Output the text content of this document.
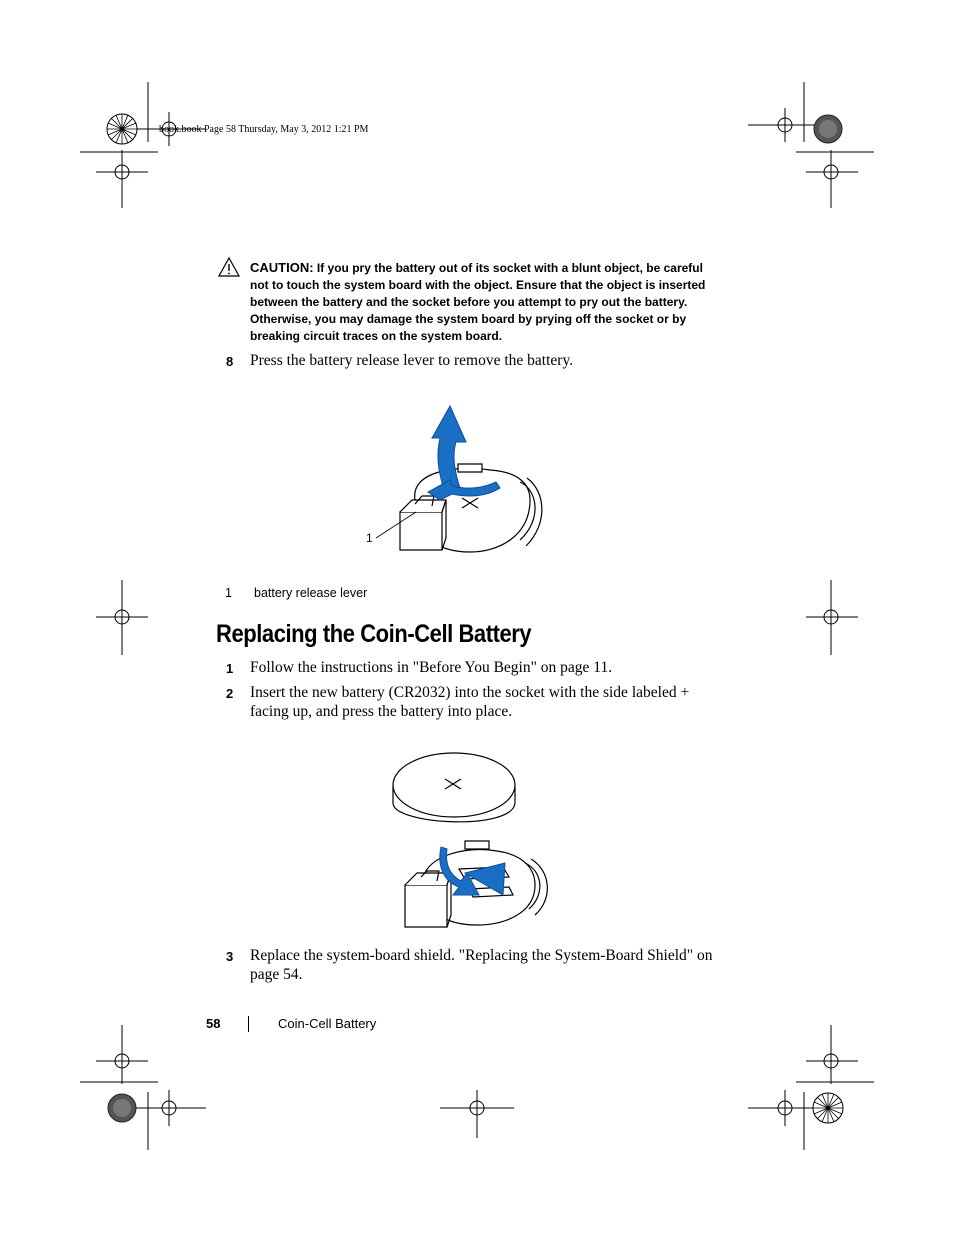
book.book Page 58 Thursday, May 3, 2012 1:21 PM
CAUTION: If you pry the battery out of its socket with a blunt object, be careful not to touch the system board with the object. Ensure that the object is inserted between the battery and the socket before you attempt to pry out the battery. Otherwise, you may damage the system board by prying off the socket or by breaking circuit traces on the system board.
8 Press the battery release lever to remove the battery.
1
1 battery release lever
Replacing the Coin-Cell Battery
1 Follow the instructions in "Before You Begin" on page 11.
2 Insert the new battery (CR2032) into the socket with the side labeled +
facing up, and press the battery into place.
3 Replace the system-board shield. "Replacing the System-Board Shield" on
page 54.
58	Coin-Cell Battery
